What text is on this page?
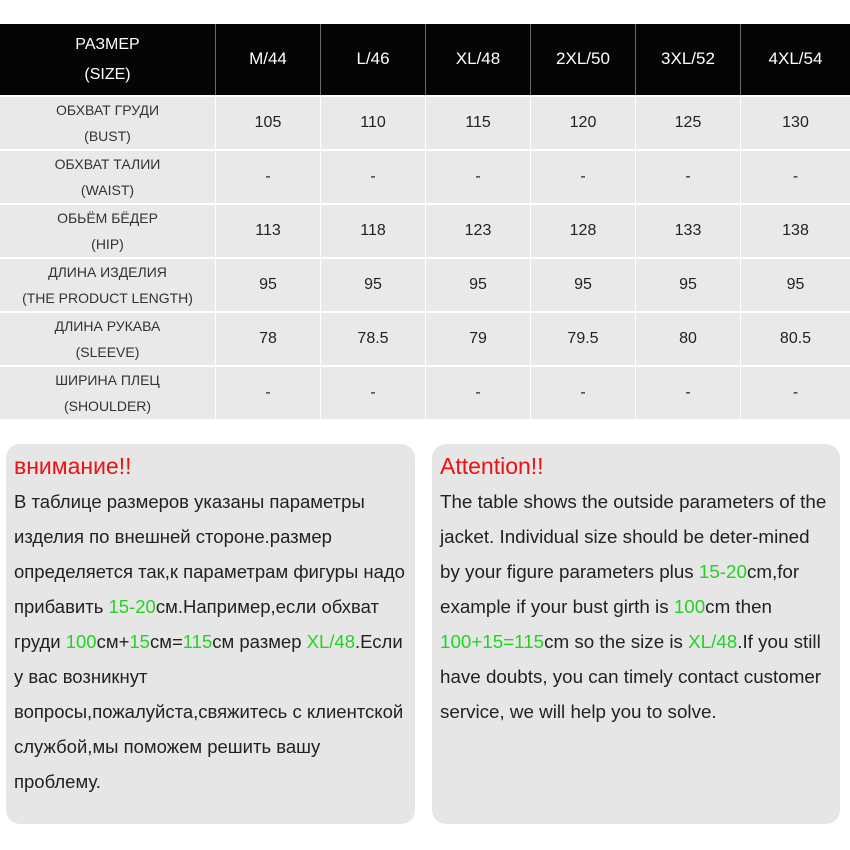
РАЗМЕР
(SIZE)
M/44	L/46	XL/48	2XL/50	3XL/52	4XL/54
ОБХВАТ ГРУДИ
(BUST)
105	110	115	120	125	130
ОБХВАТ ТАЛИИ
(WAIST)
-	-	-	-	-	-
ОБЬЁМ БЁДЕР
(HIP)
113	118	123	128	133	138
ДЛИНА ИЗДЕЛИЯ
(THE PRODUCT LENGTH)
95	95	95	95	95	95
ДЛИНА РУКАВА
(SLEEVE)
78	78.5	79	79.5	80	80.5
ШИРИНА ПЛЕЦ
(SHOULDER)
-	-	-	-	-	-
внимание!!
В таблице размеров указаны параметры изделия по внешней стороне.размер определяется так,к параметрам фигуры надо прибавить 15-20см.Например,если обхват груди 100см+15см=115см размер XL/48.Если у вас возникнут вопросы,пожалуйста,свяжитесь с клиентской службой,мы поможем решить вашу проблему.
Attention!!
The table shows the outside parameters of the jacket. Individual size should be deter-mined by your figure parameters plus 15-20cm,for example if your bust girth is 100cm then 100+15=115cm so the size is XL/48.If you still have doubts, you can timely contact customer service, we will help you to solve.
